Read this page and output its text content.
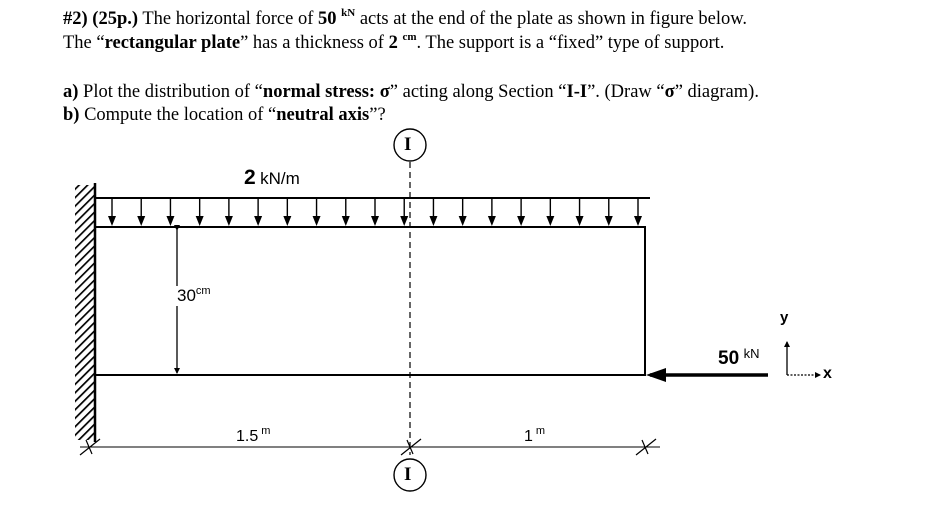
#2) (25p.) The horizontal force of 50 $^{kN}$ acts at the end of the plate as shown in figure below.
The “rectangular plate” has a thickness of 2 $^{cm}$. The support is a “fixed” type of support.
a) Plot the distribution of “normal stress: σ” acting along Section “I-I”. (Draw “σ” diagram).
b) Compute the location of “neutral axis”?
I
I
2 kN/m
$30^{cm}$
50 $^{kN}$
y
x
1.5 $^m$	1 $^m$
